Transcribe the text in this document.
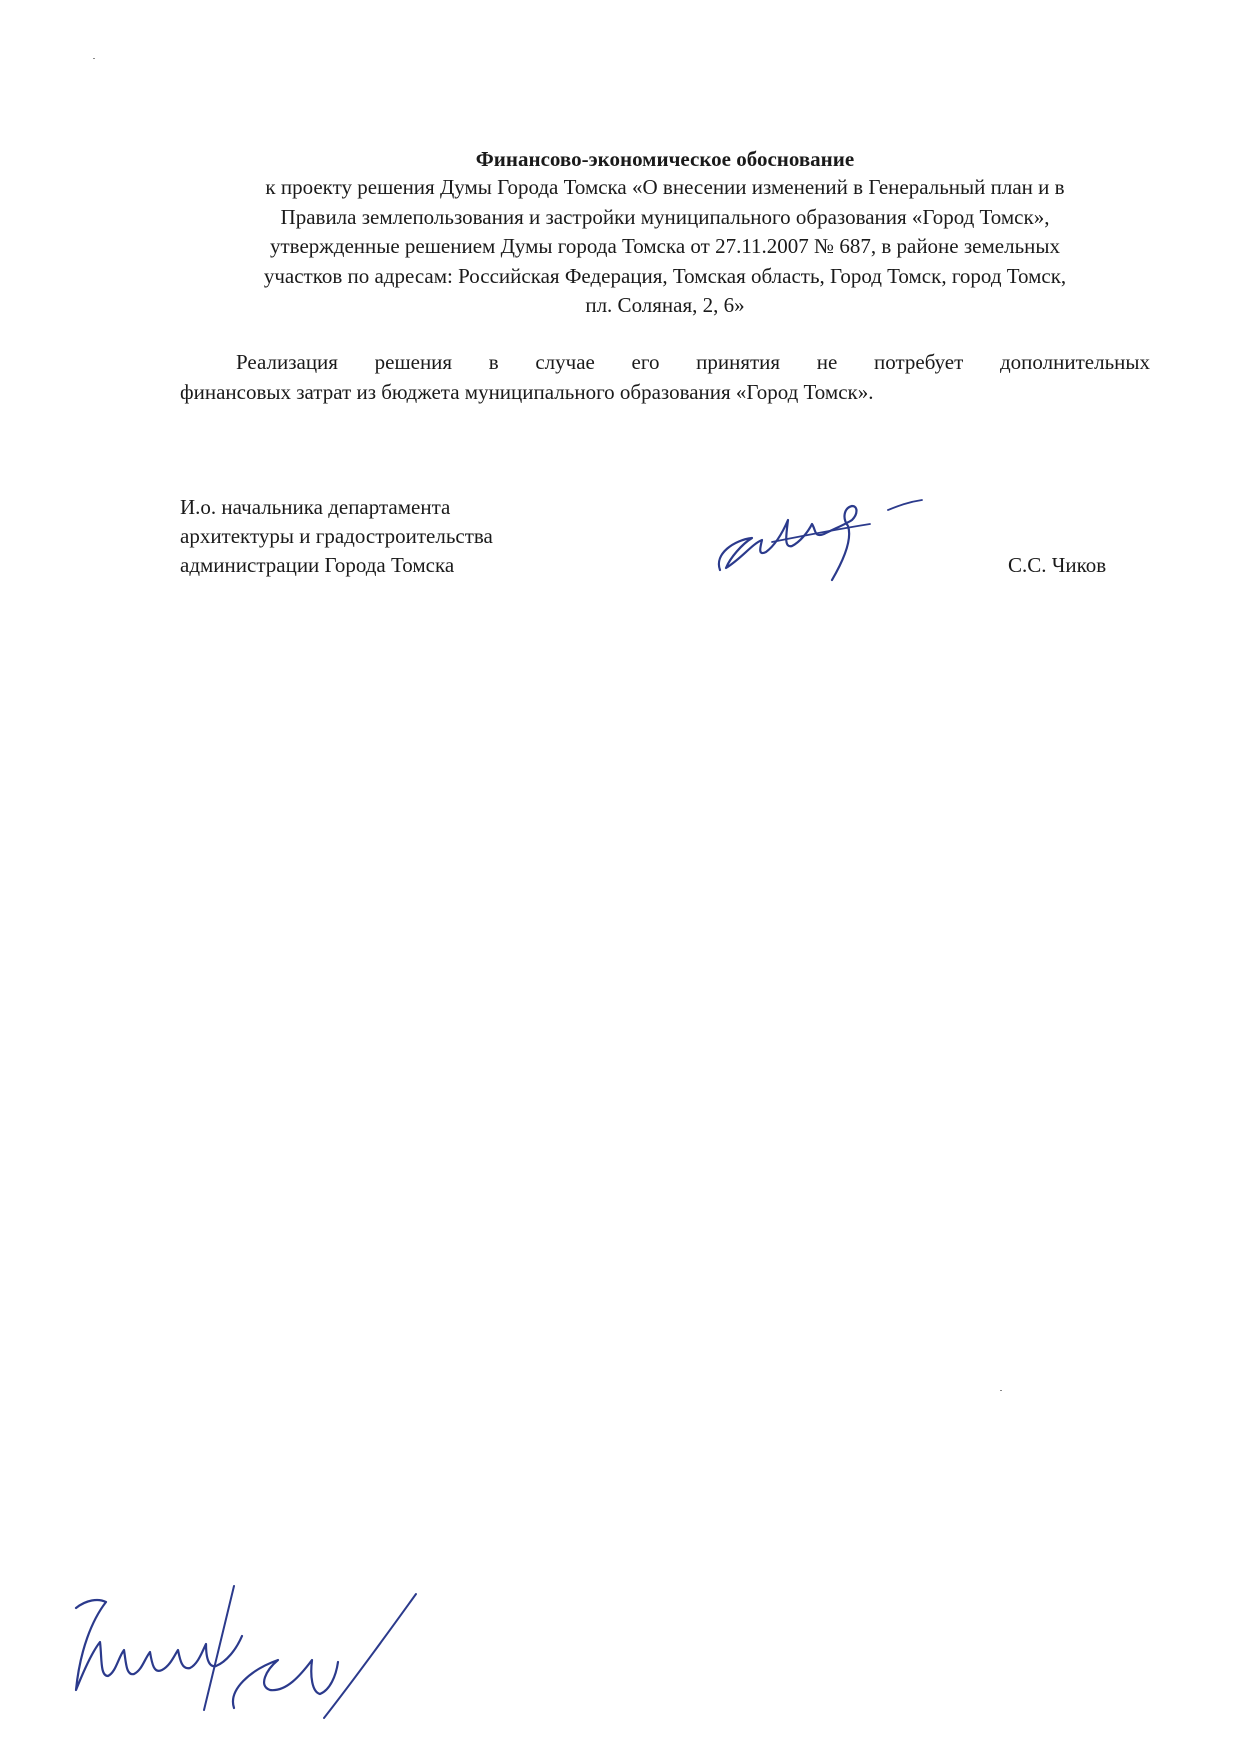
Финансово-экономическое обоснование
к проекту решения Думы Города Томска «О внесении изменений в Генеральный план и в
Правила землепользования и застройки муниципального образования «Город Томск»,
утвержденные решением Думы города Томска от 27.11.2007 № 687, в районе земельных
участков по адресам: Российская Федерация, Томская область, Город Томск, город Томск,
пл. Соляная, 2, 6»
Реализация решения в случае его принятия не потребует дополнительных
финансовых затрат из бюджета муниципального образования «Город Томск».
И.о. начальника департамента
архитектуры и градостроительства
администрации Города Томска	С.С. Чиков
